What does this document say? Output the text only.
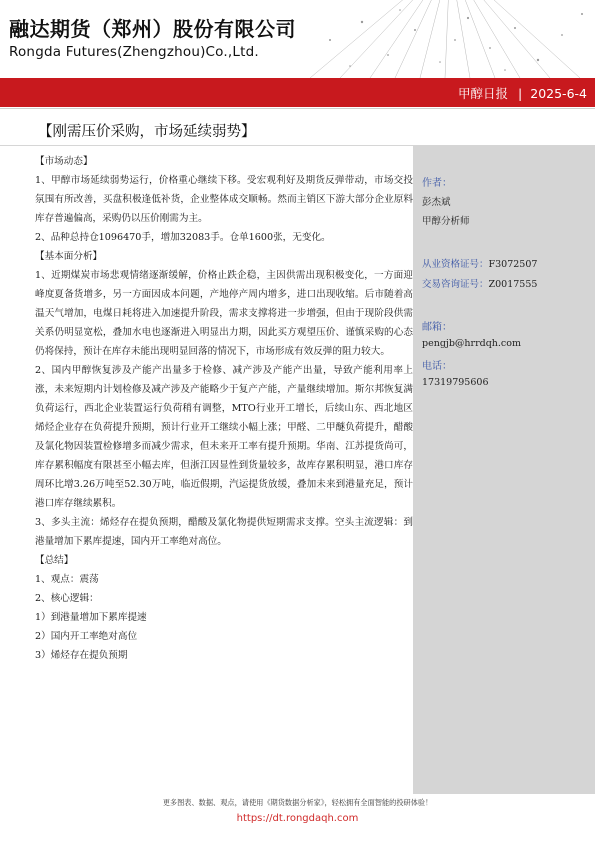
融达期货（郑州）股份有限公司
Rongda Futures(Zhengzhou)Co.,Ltd.
甲醇日报 | 2025-6-4
【刚需压价采购，市场延续弱势】

【市场动态】

1、甲醇市场延续弱势运行，价格重心继续下移。受宏观利好及期货反弹带动，市场交投氛围有所改善，买盘积极逢低补货，企业整体成交顺畅。然而主销区下游大部分企业原料库存普遍偏高，采购仍以压价刚需为主。

2、品种总持仓1096470手，增加32083手。仓单1600张，无变化。

【基本面分析】

1、近期煤炭市场悲观情绪逐渐缓解，价格止跌企稳，主因供需出现积极变化，一方面迎峰度夏备货增多，另一方面因成本问题，产地停产周内增多，进口出现收缩。后市随着高温天气增加，电煤日耗将进入加速提升阶段，需求支撑将进一步增强，但由于现阶段供需关系仍明显宽松，叠加水电也逐渐进入明显出力期，因此买方观望压价、谨慎采购的心态仍将保持，预计在库存未能出现明显回落的情况下，市场形成有效反弹的阻力较大。

2、国内甲醇恢复涉及产能产出量多于检修、减产涉及产能产出量，导致产能利用率上涨，未来短期内计划检修及减产涉及产能略少于复产产能，产量继续增加。斯尔邦恢复满负荷运行，西北企业装置运行负荷稍有调整，MTO行业开工增长，后续山东、西北地区烯烃企业存在负荷提升预期，预计行业开工继续小幅上涨；甲醛、二甲醚负荷提升，醋酸及氯化物因装置检修增多而减少需求，但未来开工率有提升预期。华南、江苏提货尚可，库存累积幅度有限甚至小幅去库，但浙江因显性到货量较多，故库存累积明显，港口库存周环比增3.26万吨至52.30万吨，临近假期，汽运提货放缓，叠加未来到港量充足，预计港口库存继续累积。

3、多头主流：烯烃存在提负预期，醋酸及氯化物提供短期需求支撑。空头主流逻辑：到港量增加下累库提速，国内开工率绝对高位。

【总结】

1、观点：震荡

2、核心逻辑：

1）到港量增加下累库提速

2）国内开工率绝对高位

3）烯烃存在提负预期

作者：
彭杰斌
甲醇分析师
从业资格证号：F3072507
交易咨询证号：Z0017555
邮箱：
pengjb@hrrdqh.com
电话：
17319795606
更多图表、数据、观点，请使用《期货数据分析家》，轻松拥有全面智能的投研体验！
https://dt.rongdaqh.com
